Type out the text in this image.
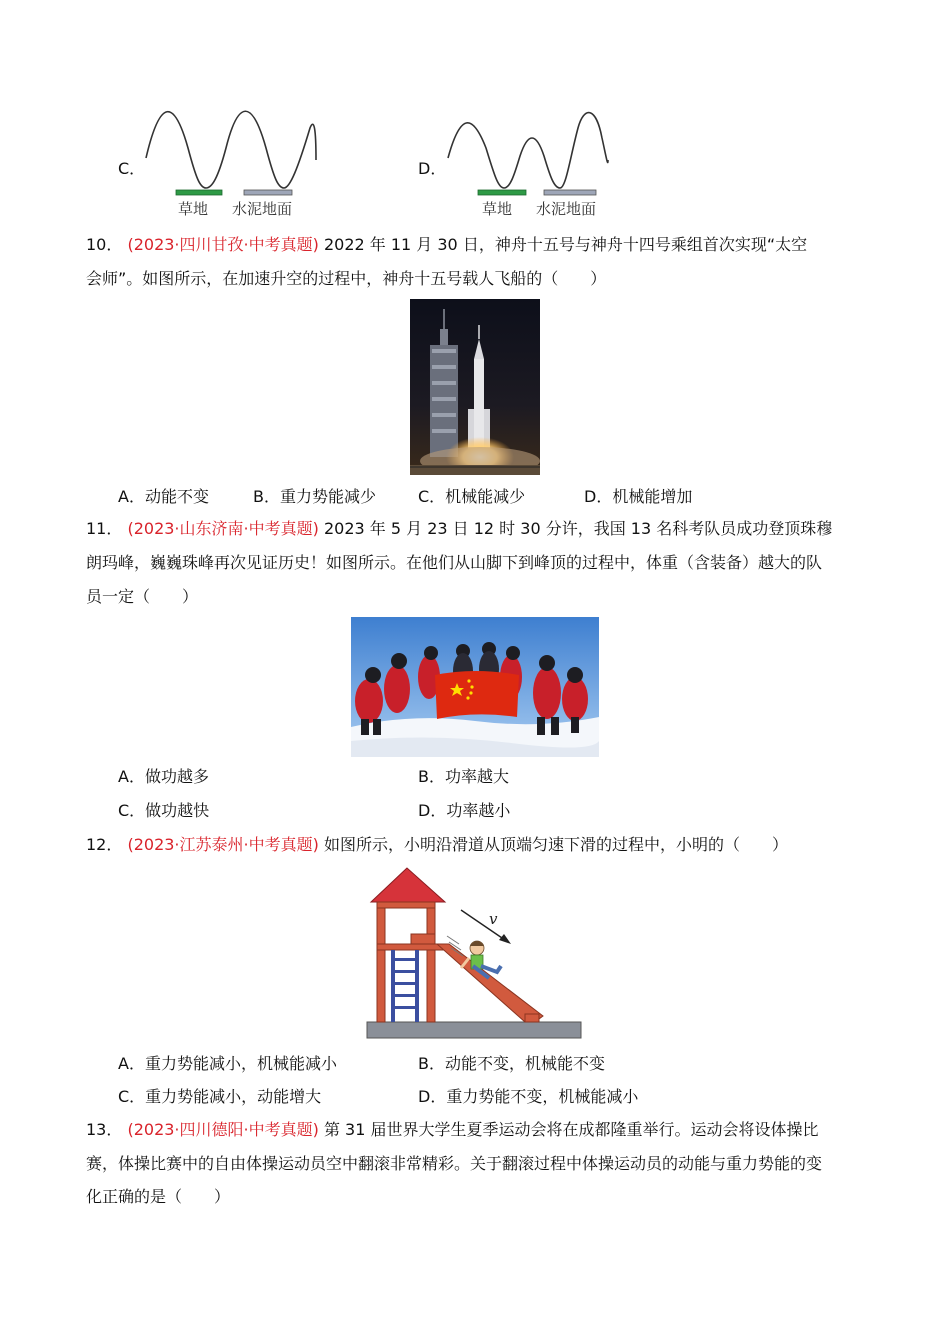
C．
草地 水泥地面
D．
草地 水泥地面
10． (2023·四川甘孜·中考真题) 2022 年 11 月 30 日，神舟十五号与神舟十四号乘组首次实现“太空
会师”。如图所示，在加速升空的过程中，神舟十五号载人飞船的（　　）
A．动能不变	B．重力势能减少	C．机械能减少	D．机械能增加
11． (2023·山东济南·中考真题) 2023 年 5 月 23 日 12 时 30 分许，我国 13 名科考队员成功登顶珠穆
朗玛峰，巍巍珠峰再次见证历史！如图所示。在他们从山脚下到峰顶的过程中，体重（含装备）越大的队
员一定（　　）
A．做功越多	B．功率越大
C．做功越快	D．功率越小
12． (2023·江苏泰州·中考真题) 如图所示，小明沿滑道从顶端匀速下滑的过程中，小明的（　　）
v
A．重力势能减小，机械能减小	B．动能不变，机械能不变
C．重力势能减小，动能增大	D．重力势能不变，机械能减小
13． (2023·四川德阳·中考真题) 第 31 届世界大学生夏季运动会将在成都隆重举行。运动会将设体操比
赛，体操比赛中的自由体操运动员空中翻滚非常精彩。关于翻滚过程中体操运动员的动能与重力势能的变
化正确的是（　　）
